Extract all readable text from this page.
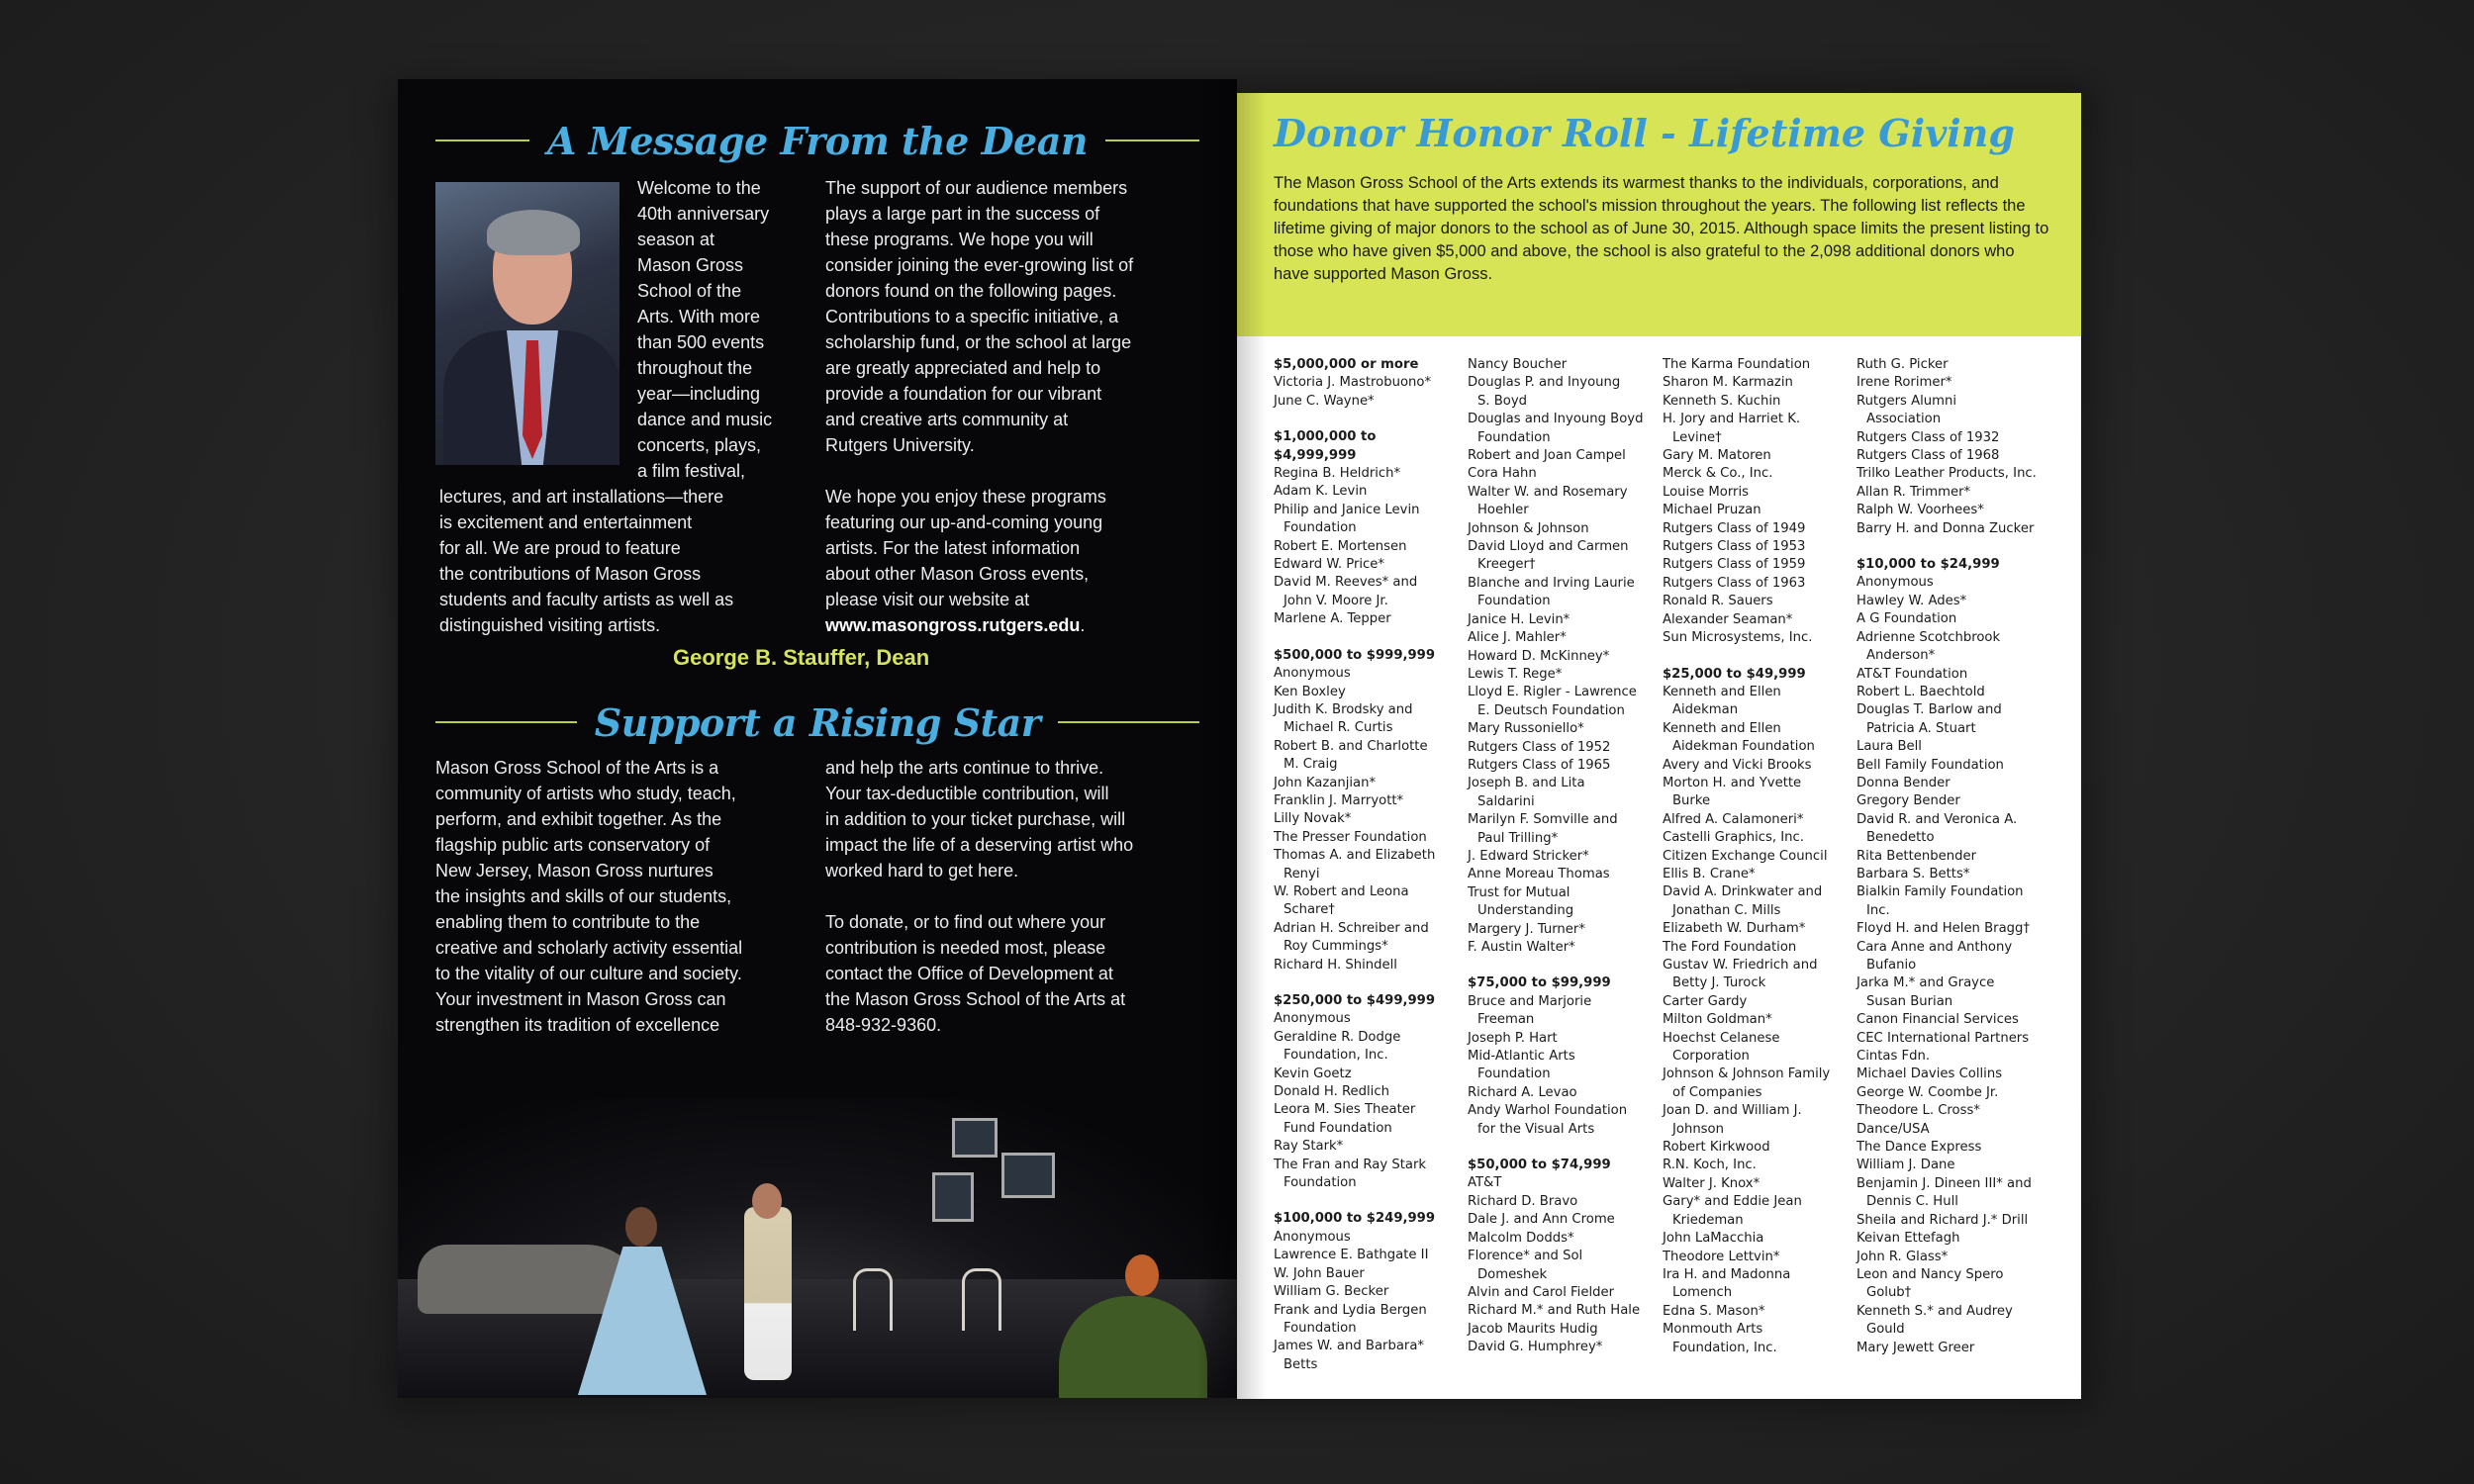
A Message From the Dean
Welcome to the
40th anniversary
season at
Mason Gross
School of the
Arts. With more
than 500 events
throughout the
year—including
dance and music
concerts, plays,
a film festival,
lectures, and art installations—there
is excitement and entertainment
for all. We are proud to feature
the contributions of Mason Gross
students and faculty artists as well as
distinguished visiting artists.
The support of our audience members
plays a large part in the success of
these programs. We hope you will
consider joining the ever-growing list of
donors found on the following pages.
Contributions to a specific initiative, a
scholarship fund, or the school at large
are greatly appreciated and help to
provide a foundation for our vibrant
and creative arts community at
Rutgers University.
We hope you enjoy these programs
featuring our up-and-coming young
artists. For the latest information
about other Mason Gross events,
please visit our website at
www.masongross.rutgers.edu.
George B. Stauffer, Dean
Support a Rising Star
Mason Gross School of the Arts is a
community of artists who study, teach,
perform, and exhibit together. As the
flagship public arts conservatory of
New Jersey, Mason Gross nurtures
the insights and skills of our students,
enabling them to contribute to the
creative and scholarly activity essential
to the vitality of our culture and society.
Your investment in Mason Gross can
strengthen its tradition of excellence
and help the arts continue to thrive.
Your tax-deductible contribution, will
in addition to your ticket purchase, will
impact the life of a deserving artist who
worked hard to get here.
To donate, or to find out where your
contribution is needed most, please
contact the Office of Development at
the Mason Gross School of the Arts at
848-932-9360.
Donor Honor Roll - Lifetime Giving

The Mason Gross School of the Arts extends its warmest thanks to the individuals, corporations, and foundations that have supported the school's mission throughout the years. The following list reflects the lifetime giving of major donors to the school as of June 30, 2015. Although space limits the present listing to those who have given $5,000 and above, the school is also grateful to the 2,098 additional donors who have supported Mason Gross.

$5,000,000 or more
Victoria J. Mastrobuono*
June C. Wayne*
$1,000,000 to $4,999,999
Regina B. Heldrich*
Adam K. Levin
Philip and Janice Levin
Foundation
Robert E. Mortensen
Edward W. Price*
David M. Reeves* and
John V. Moore Jr.
Marlene A. Tepper
$500,000 to $999,999
Anonymous
Ken Boxley
Judith K. Brodsky and
Michael R. Curtis
Robert B. and Charlotte
M. Craig
John Kazanjian*
Franklin J. Marryott*
Lilly Novak*
The Presser Foundation
Thomas A. and Elizabeth
Renyi
W. Robert and Leona
Schare†
Adrian H. Schreiber and
Roy Cummings*
Richard H. Shindell
$250,000 to $499,999
Anonymous
Geraldine R. Dodge
Foundation, Inc.
Kevin Goetz
Donald H. Redlich
Leora M. Sies Theater
Fund Foundation
Ray Stark*
The Fran and Ray Stark
Foundation
$100,000 to $249,999
Anonymous
Lawrence E. Bathgate II
W. John Bauer
William G. Becker
Frank and Lydia Bergen
Foundation
James W. and Barbara*
Betts
Nancy Boucher
Douglas P. and Inyoung
S. Boyd
Douglas and Inyoung Boyd
Foundation
Robert and Joan Campel
Cora Hahn
Walter W. and Rosemary
Hoehler
Johnson & Johnson
David Lloyd and Carmen
Kreeger†
Blanche and Irving Laurie
Foundation
Janice H. Levin*
Alice J. Mahler*
Howard D. McKinney*
Lewis T. Rege*
Lloyd E. Rigler - Lawrence
E. Deutsch Foundation
Mary Russoniello*
Rutgers Class of 1952
Rutgers Class of 1965
Joseph B. and Lita
Saldarini
Marilyn F. Somville and
Paul Trilling*
J. Edward Stricker*
Anne Moreau Thomas
Trust for Mutual
Understanding
Margery J. Turner*
F. Austin Walter*
$75,000 to $99,999
Bruce and Marjorie
Freeman
Joseph P. Hart
Mid-Atlantic Arts
Foundation
Richard A. Levao
Andy Warhol Foundation
for the Visual Arts
$50,000 to $74,999
AT&T
Richard D. Bravo
Dale J. and Ann Crome
Malcolm Dodds*
Florence* and Sol
Domeshek
Alvin and Carol Fielder
Richard M.* and Ruth Hale
Jacob Maurits Hudig
David G. Humphrey*
The Karma Foundation
Sharon M. Karmazin
Kenneth S. Kuchin
H. Jory and Harriet K.
Levine†
Gary M. Matoren
Merck & Co., Inc.
Louise Morris
Michael Pruzan
Rutgers Class of 1949
Rutgers Class of 1953
Rutgers Class of 1959
Rutgers Class of 1963
Ronald R. Sauers
Alexander Seaman*
Sun Microsystems, Inc.
$25,000 to $49,999
Kenneth and Ellen
Aidekman
Kenneth and Ellen
Aidekman Foundation
Avery and Vicki Brooks
Morton H. and Yvette
Burke
Alfred A. Calamoneri*
Castelli Graphics, Inc.
Citizen Exchange Council
Ellis B. Crane*
David A. Drinkwater and
Jonathan C. Mills
Elizabeth W. Durham*
The Ford Foundation
Gustav W. Friedrich and
Betty J. Turock
Carter Gardy
Milton Goldman*
Hoechst Celanese
Corporation
Johnson & Johnson Family
of Companies
Joan D. and William J.
Johnson
Robert Kirkwood
R.N. Koch, Inc.
Walter J. Knox*
Gary* and Eddie Jean
Kriedeman
John LaMacchia
Theodore Lettvin*
Ira H. and Madonna
Lomench
Edna S. Mason*
Monmouth Arts
Foundation, Inc.
Ruth G. Picker
Irene Rorimer*
Rutgers Alumni
Association
Rutgers Class of 1932
Rutgers Class of 1968
Trilko Leather Products, Inc.
Allan R. Trimmer*
Ralph W. Voorhees*
Barry H. and Donna Zucker
$10,000 to $24,999
Anonymous
Hawley W. Ades*
A G Foundation
Adrienne Scotchbrook
Anderson*
AT&T Foundation
Robert L. Baechtold
Douglas T. Barlow and
Patricia A. Stuart
Laura Bell
Bell Family Foundation
Donna Bender
Gregory Bender
David R. and Veronica A.
Benedetto
Rita Bettenbender
Barbara S. Betts*
Bialkin Family Foundation
Inc.
Floyd H. and Helen Bragg†
Cara Anne and Anthony
Bufanio
Jarka M.* and Grayce
Susan Burian
Canon Financial Services
CEC International Partners
Cintas Fdn.
Michael Davies Collins
George W. Coombe Jr.
Theodore L. Cross*
Dance/USA
The Dance Express
William J. Dane
Benjamin J. Dineen III* and
Dennis C. Hull
Sheila and Richard J.* Drill
Keivan Ettefagh
John R. Glass*
Leon and Nancy Spero
Golub†
Kenneth S.* and Audrey
Gould
Mary Jewett Greer
